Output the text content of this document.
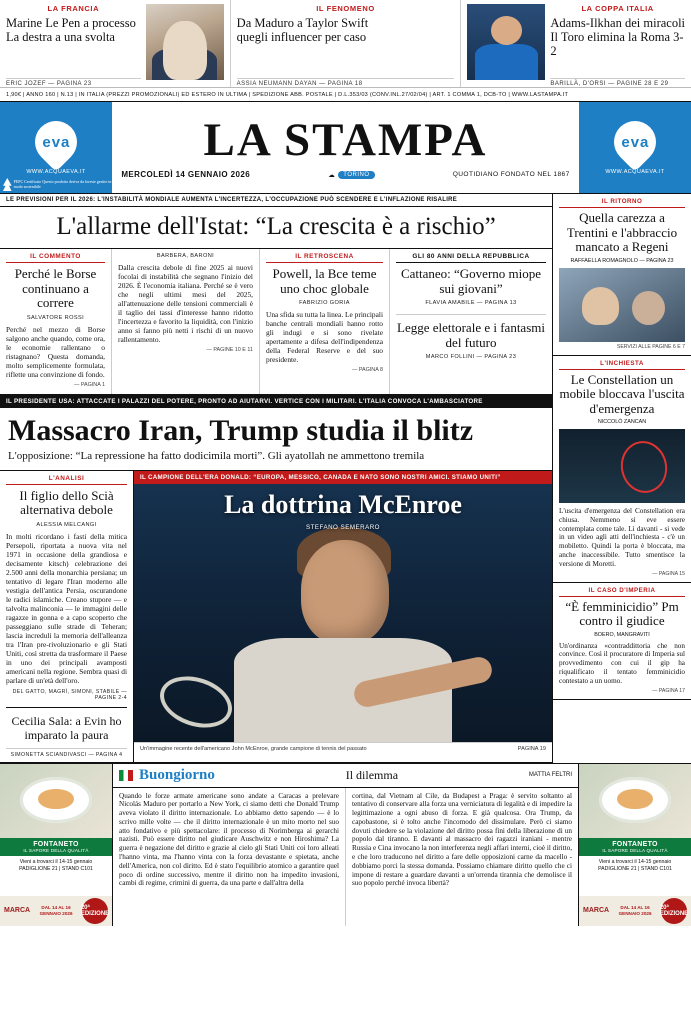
LA FRANCIA
Marine Le Pen a processo
La destra a una svolta
ERIC JOZEF — PAGINA 23
IL FENOMENO
Da Maduro a Taylor Swift
quegli influencer per caso
ASSIA NEUMANN DAYAN — PAGINA 18
LA COPPA ITALIA
Adams-Ilkhan dei miracoli
Il Toro elimina la Roma 3-2
BARILLÀ, D'ORSI — PAGINE 28 E 29
1,90€ | ANNO 160 | N.13 | IN ITALIA (PREZZI PROMOZIONALI) ED ESTERO IN ULTIMA | SPEDIZIONE ABB. POSTALE | D.L.353/03 (CONV.INL.27/02/04) | ART. 1 COMMA 1, DCB-TO | WWW.LASTAMPA.IT
eva
WWW.ACQUAEVA.IT
PEFC Certificato Questo prodotto deriva da foreste gestite in modo sostenibile
LA STAMPA
MERCOLEDÌ 14 GENNAIO 2026	☁	TORINO	QUOTIDIANO FONDATO NEL 1867
eva
WWW.ACQUAEVA.IT
LE PREVISIONI PER IL 2026: L'INSTABILITÀ MONDIALE AUMENTA L'INCERTEZZA, L'OCCUPAZIONE PUÒ SCENDERE E L'INFLAZIONE RISALIRE
L'allarme dell'Istat: “La crescita è a rischio”
IL COMMENTO
Perché le Borse continuano a correre
SALVATORE ROSSI
Perché nel mezzo di Borse salgono anche quando, come ora, le economie rallentano o ristagnano? Questa domanda, molto semplicemente formulata, riflette una convinzione di fondo.
— PAGINA 1
BARBERA, BARONI
Dalla crescita debole di fine 2025 ai nuovi focolai di instabilità che segnano l'inizio del 2026. È l'economia italiana. Perché se è vero che negli ultimi mesi del 2025, all'attenuazione delle tensioni commerciali è il taglio dei tassi d'interesse hanno ridotto l'incertezza e favorito la liquidità, con l'inizio anno si fanno più netti i rischi di un nuovo rallentamento.
— PAGINE 10 E 11
IL RETROSCENA
Powell, la Bce teme uno choc globale
FABRIZIO GORIA
Una sfida su tutta la linea. Le principali banche centrali mondiali hanno rotto gli indugi e si sono rivelate apertamente a difesa dell'indipendenza della Federal Reserve e del suo presidente.
— PAGINA 8
GLI 80 ANNI DELLA REPUBBLICA
Cattaneo: “Governo miope sui giovani”
FLAVIA AMABILE — PAGINA 13
Legge elettorale e i fantasmi del futuro
MARCO FOLLINI — PAGINA 23
IL PRESIDENTE USA: ATTACCATE I PALAZZI DEL POTERE, PRONTO AD AIUTARVI. VERTICE CON I MILITARI. L'ITALIA CONVOCA L'AMBASCIATORE
Massacro Iran, Trump studia il blitz
L'opposizione: “La repressione ha fatto dodicimila morti”. Gli ayatollah ne ammettono tremila
L'ANALISI
Il figlio dello Scià alternativa debole
ALESSIA MELCANGI
In molti ricordano i fasti della mitica Persepoli, riportata a nuova vita nel 1971 in occasione della grandiosa e decisamente kitsch) celebrazione dei 2.500 anni della monarchia persiana; un tentativo di legare l'Iran moderno alle vestigia dell'antica Persia, oscurandone le radici islamiche. Creano stupore — e talvolta malinconia — le immagini delle ragazze in gonna e a capo scoperto che passeggiano sulle strade di Teheran; lascia increduli la memoria dell'alleanza tra l'Iran pre-rivoluzionario e gli Stati Uniti, così stretta da trasformare il Paese in uno dei principali avamposti americani nella regione. Sembra quasi di parlare di un'età dell'oro.
DEL GATTO, MAGRÌ, SIMONI, STABILE — PAGINE 2-4
Cecilia Sala: a Evin ho imparato la paura
SIMONETTA SCIANDIVASCI — PAGINA 4
IL CAMPIONE DELL'ERA DONALD: “EUROPA, MESSICO, CANADA E NATO SONO NOSTRI AMICI. STIAMO UNITI”
La dottrina McEnroe
STEFANO SEMERARO
Un'immagine recente dell'americano John McEnroe, grande campione di tennis del passato	PAGINA 19
IL RITORNO
Quella carezza a Trentini e l'abbraccio mancato a Regeni
RAFFAELLA ROMAGNOLO — PAGINA 23
SERVIZI ALLE PAGINE 6 E 7
L'INCHIESTA
Le Constellation un mobile bloccava l'uscita d'emergenza
NICCOLÒ ZANCAN
L'uscita d'emergenza del Constellation era chiusa. Nemmeno si eve essere contemplata come tale. Lì davanti - si vede in un video agli atti dell'inchiesta - c'è un mobiletto. Quindi la porta è bloccata, ma anche inaccessibile. Tutto smentisce la versione di Moretti.
— PAGINA 15
IL CASO D'IMPERIA
“È femminicidio” Pm contro il giudice
BOERO, MANGRAVITI
Un'ordinanza «contraddittoria che non convince. Così il procuratore di Imperia sul provvedimento con cui il gip ha riqualificato il tentato femminicidio contestato a un uomo.
— PAGINA 17
FONTANETO
IL SAPORE DELLA QUALITÀ
Vieni a trovarci il 14-15 gennaio
PADIGLIONE 21 | STAND C101
MARCA	DAL 14 AL 16 GENNAIO 2026
20ª EDIZIONE
Buongiorno	Il dilemma	MATTIA FELTRI
Quando le forze armate americane sono andate a Caracas a prelevare Nicolás Maduro per portarlo a New York, ci siamo detti che Donald Trump aveva violato il diritto internazionale. Lo abbiamo detto sapendo — è lo scrivo mille volte — che il diritto internazionale è un mito morto nel suo atto fondativo e più spettacolare: il processo di Norimberga ai gerarchi nazisti. Può essere diritto nel giudicare Auschwitz e non Hiroshima? La guerra è negazione del diritto e grazie al cielo gli Stati Uniti coi loro alleati l'hanno vinta, ma l'hanno vinta con la forza devastante e spietata, anche dell'America, non col diritto. Ed è stato l'equilibrio atomico a garantire quel poco di ordine successivo, mentre il diritto non ha impedito invasioni, cambi di regime, crimini di guerra, da una parte e dall'altra della
cortina, dal Vietnam al Cile, da Budapest a Praga: è servito soltanto al tentativo di conservare alla forza una verniciatura di legalità e di impedire la legittimazione a ogni abuso di forza. E già qualcosa. Ora Trump, da capobastone, si è tolto anche l'incomodo del dissimulare. Però ci siamo dovuti chiedere se la violazione del diritto possa fini della liberazione di un popolo dal tiranno. E davanti al massacro dei ragazzi iraniani - mentre Russia e Cina invocano la non interferenza negli affari interni, cioè il diritto, e che loro traducono nel diritto a fare delle opposizioni carne da macello - dobbiamo porci la stessa domanda. Possiamo chiamare diritto quello che ci impone di restare a guardare davanti a un'orrenda tirannia che demolisce il suo popolo perché invoca libertà?
FONTANETO
IL SAPORE DELLA QUALITÀ
Vieni a trovarci il 14-15 gennaio
PADIGLIONE 21 | STAND C101
MARCA	DAL 14 AL 16 GENNAIO 2026
20ª EDIZIONE
